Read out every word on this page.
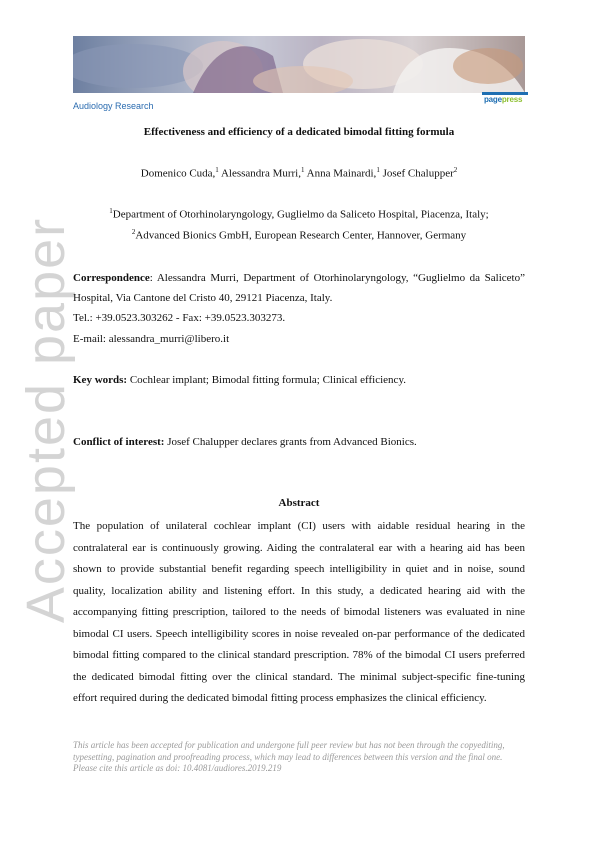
Audiology Research
pagepress
Accepted paper
Effectiveness and efficiency of a dedicated bimodal fitting formula
Domenico Cuda,$^1$ Alessandra Murri,$^1$ Anna Mainardi,$^1$ Josef Chalupper$^2$
$^1$Department of Otorhinolaryngology, Guglielmo da Saliceto Hospital, Piacenza, Italy;
$^2$Advanced Bionics GmbH, European Research Center, Hannover, Germany
Correspondence: Alessandra Murri, Department of Otorhinolaryngology, “Guglielmo da Saliceto” Hospital, Via Cantone del Cristo 40, 29121 Piacenza, Italy.
Tel.: +39.0523.303262 - Fax: +39.0523.303273.
E-mail: alessandra_murri@libero.it
Key words: Cochlear implant; Bimodal fitting formula; Clinical efficiency.
Conflict of interest: Josef Chalupper declares grants from Advanced Bionics.
Abstract
The population of unilateral cochlear implant (CI) users with aidable residual hearing in the contralateral ear is continuously growing. Aiding the contralateral ear with a hearing aid has been shown to provide substantial benefit regarding speech intelligibility in quiet and in noise, sound quality, localization ability and listening effort. In this study, a dedicated hearing aid with the accompanying fitting prescription, tailored to the needs of bimodal listeners was evaluated in nine bimodal CI users. Speech intelligibility scores in noise revealed on-par performance of the dedicated bimodal fitting compared to the clinical standard prescription. 78% of the bimodal CI users preferred the dedicated bimodal fitting over the clinical standard. The minimal subject-specific fine-tuning effort required during the dedicated bimodal fitting process emphasizes the clinical efficiency.
This article has been accepted for publication and undergone full peer review but has not been through the copyediting, typesetting, pagination and proofreading process, which may lead to differences between this version and the final one.
Please cite this article as doi: 10.4081/audiores.2019.219
